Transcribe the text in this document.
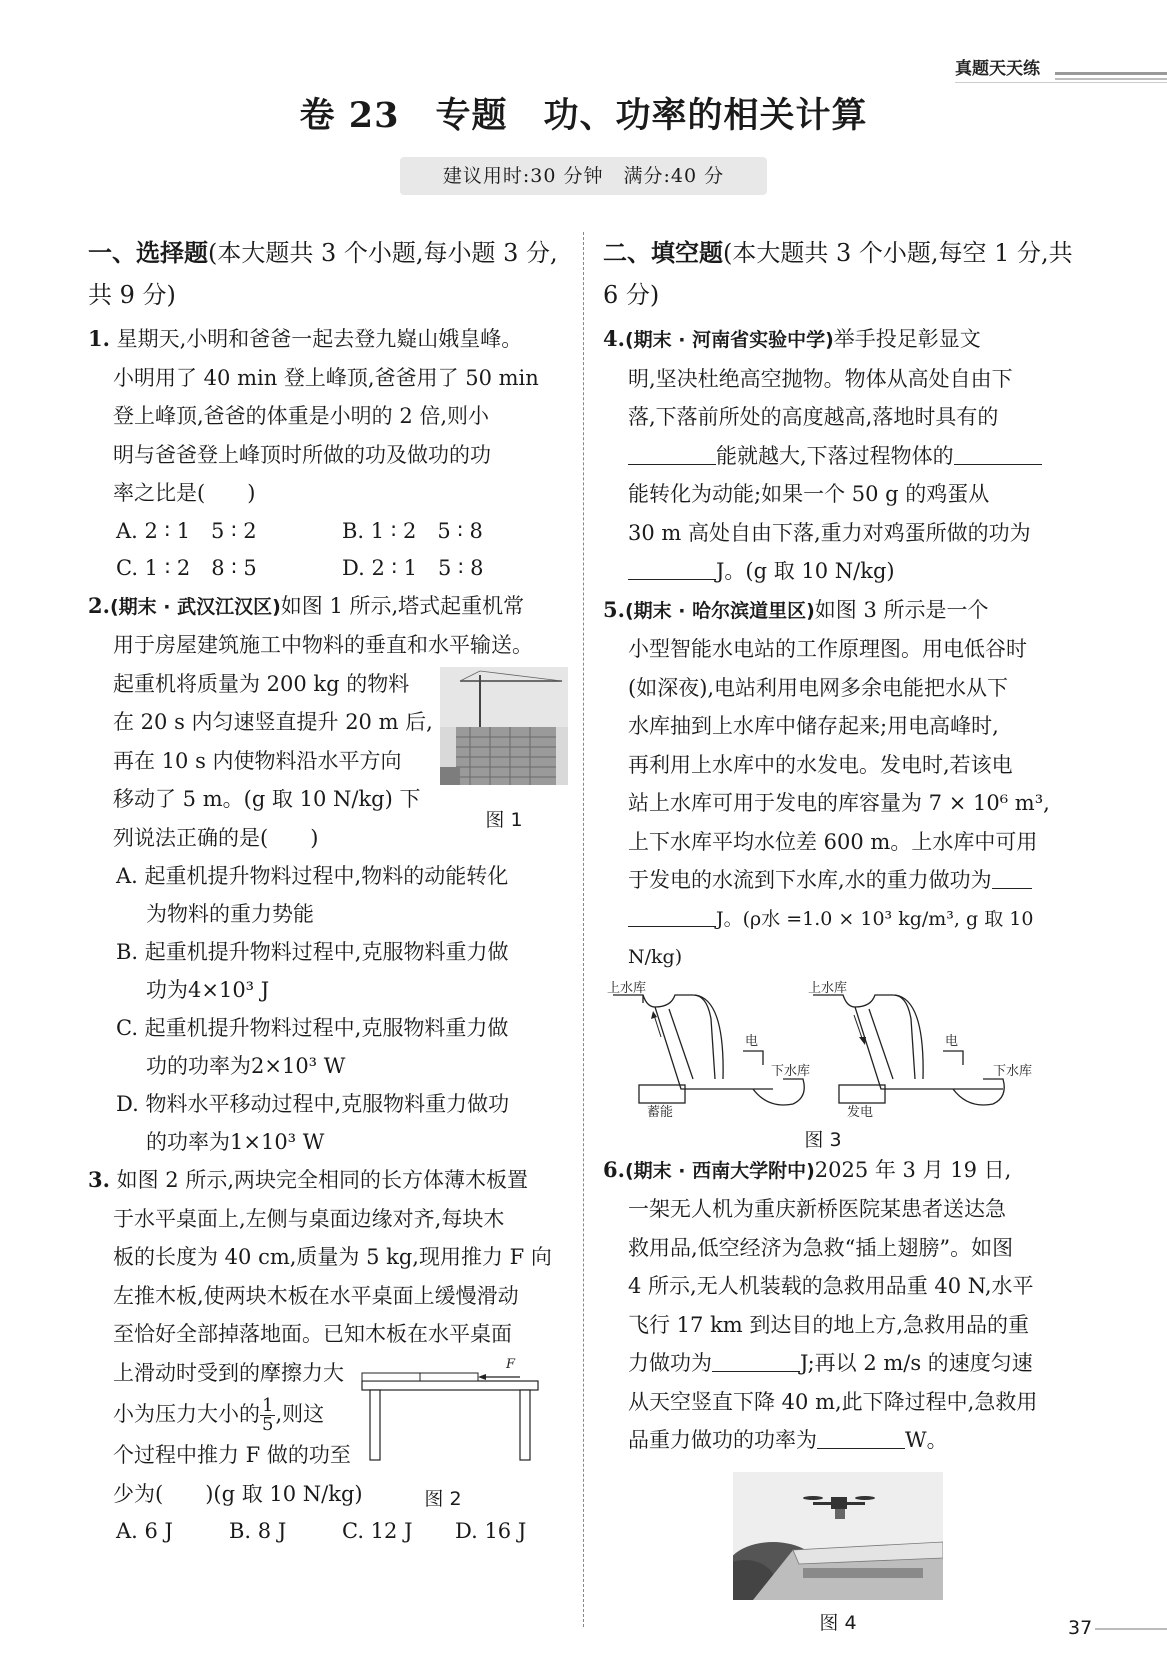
真题天天练
卷 23　专题　功、功率的相关计算
建议用时:30 分钟　满分:40 分
一、选择题(本大题共 3 个小题,每小题 3 分,共 9 分)
1. 星期天,小明和爸爸一起去登九嶷山娥皇峰。
小明用了 40 min 登上峰顶,爸爸用了 50 min
登上峰顶,爸爸的体重是小明的 2 倍,则小
明与爸爸登上峰顶时所做的功及做功的功
率之比是(　　)
A. 2 ∶ 1　5 ∶ 2	B. 1 ∶ 2　5 ∶ 8
C. 1 ∶ 2　8 ∶ 5	D. 2 ∶ 1　5 ∶ 8
2.(期末 · 武汉江汉区)如图 1 所示,塔式起重机常
用于房屋建筑施工中物料的垂直和水平输送。
起重机将质量为 200 kg 的物料
在 20 s 内匀速竖直提升 20 m 后,
再在 10 s 内使物料沿水平方向
移动了 5 m。(g 取 10 N/kg) 下
列说法正确的是(　　)
图 1
A. 起重机提升物料过程中,物料的动能转化
为物料的重力势能
B. 起重机提升物料过程中,克服物料重力做
功为4×10³ J
C. 起重机提升物料过程中,克服物料重力做
功的功率为2×10³ W
D. 物料水平移动过程中,克服物料重力做功
的功率为1×10³ W
3. 如图 2 所示,两块完全相同的长方体薄木板置
于水平桌面上,左侧与桌面边缘对齐,每块木
板的长度为 40 cm,质量为 5 kg,现用推力 F 向
左推木板,使两块木板在水平桌面上缓慢滑动
至恰好全部掉落地面。已知木板在水平桌面
上滑动时受到的摩擦力大
小为压力大小的 $\frac{1}{5}$ ,则这
个过程中推力 F 做的功至
少为(　　)(g 取 10 N/kg)
F
图 2
A. 6 J	B. 8 J	C. 12 J	D. 16 J
二、填空题(本大题共 3 个小题,每空 1 分,共 6 分)
4.(期末 · 河南省实验中学)举手投足彰显文
明,坚决杜绝高空抛物。物体从高处自由下
落,下落前所处的高度越高,落地时具有的
能就越大,下落过程物体的
能转化为动能;如果一个 50 g 的鸡蛋从
30 m 高处自由下落,重力对鸡蛋所做的功为
J。(g 取 10 N/kg)
5.(期末 · 哈尔滨道里区)如图 3 所示是一个
小型智能水电站的工作原理图。用电低谷时
(如深夜),电站利用电网多余电能把水从下
水库抽到上水库中储存起来;用电高峰时,
再利用上水库中的水发电。发电时,若该电
站上水库可用于发电的库容量为 7 × 10⁶ m³,
上下水库平均水位差 600 m。上水库中可用
于发电的水流到下水库,水的重力做功为
J。(ρ水 =1.0 × 10³ kg/m³, g 取 10 N/kg)
上水库
电
下水库
蓄能
上水库
电
下水库
发电
图 3
6.(期末 · 西南大学附中)2025 年 3 月 19 日,
一架无人机为重庆新桥医院某患者送达急
救用品,低空经济为急救“插上翅膀”。如图
4 所示,无人机装载的急救用品重 40 N,水平
飞行 17 km 到达目的地上方,急救用品的重
力做功为	J;再以 2 m/s 的速度匀速
从天空竖直下降 40 m,此下降过程中,急救用
品重力做功的功率为	W。
图 4	37
